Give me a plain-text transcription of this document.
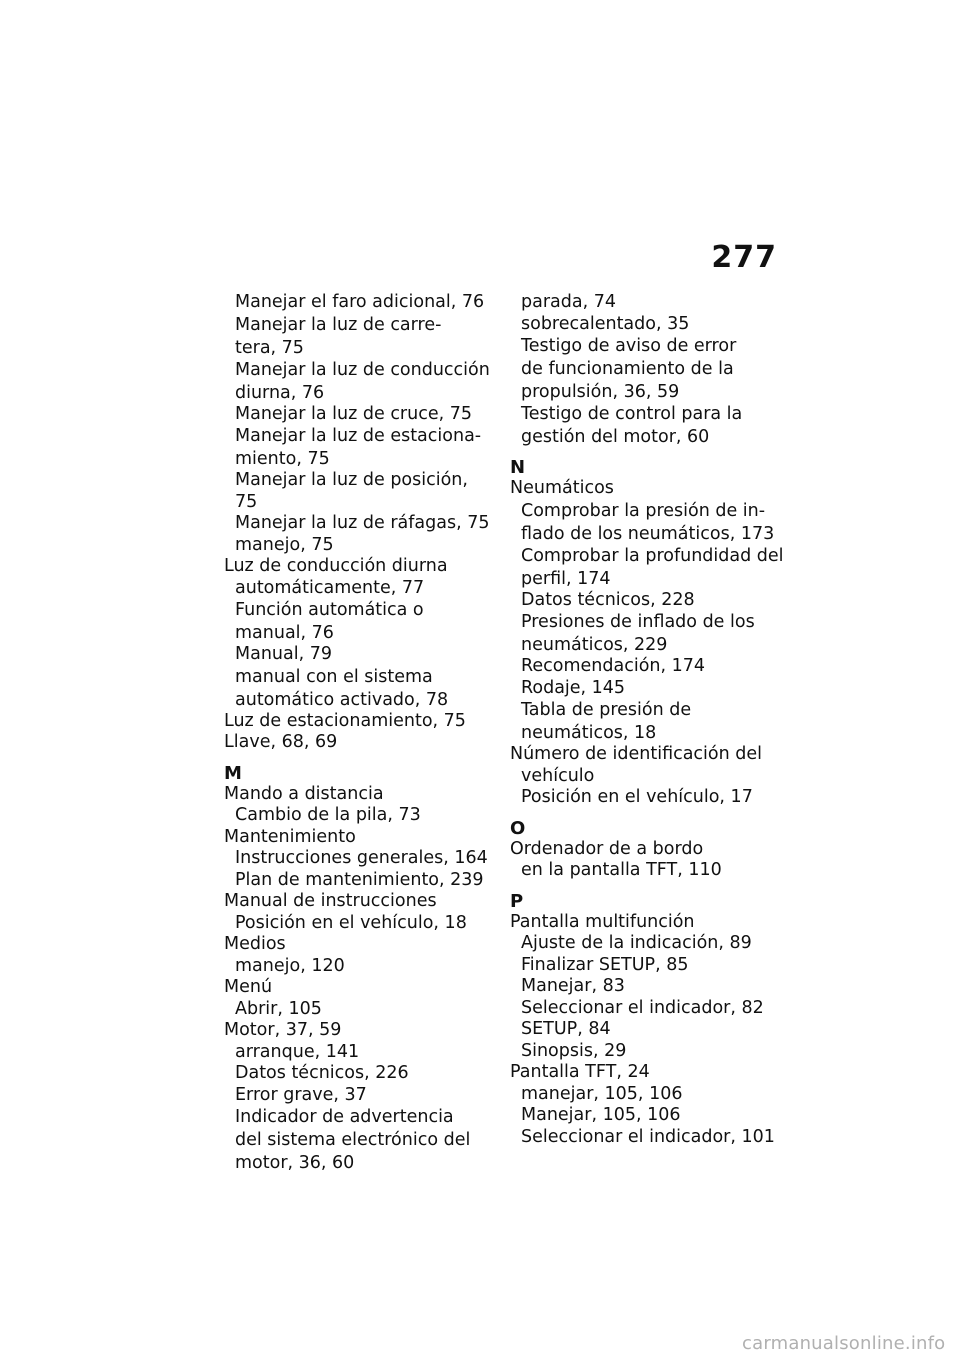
277
Manejar el faro adicional, 76
Manejar la luz de carre-
tera, 75
Manejar la luz de conducción
diurna, 76
Manejar la luz de cruce, 75
Manejar la luz de estaciona-
miento, 75
Manejar la luz de posición, 75
Manejar la luz de ráfagas, 75
manejo, 75
Luz de conducción diurna
automáticamente, 77
Función automática o
manual, 76
Manual, 79
manual con el sistema
automático activado, 78
Luz de estacionamiento, 75
Llave, 68, 69
M
Mando a distancia
Cambio de la pila, 73
Mantenimiento
Instrucciones generales, 164
Plan de mantenimiento, 239
Manual de instrucciones
Posición en el vehículo, 18
Medios
manejo, 120
Menú
Abrir, 105
Motor, 37, 59
arranque, 141
Datos técnicos, 226
Error grave, 37
Indicador de advertencia
del sistema electrónico del
motor, 36, 60
parada, 74
sobrecalentado, 35
Testigo de aviso de error
de funcionamiento de la
propulsión, 36, 59
Testigo de control para la
gestión del motor, 60
N
Neumáticos
Comprobar la presión de in-
flado de los neumáticos, 173
Comprobar la profundidad del
perfil, 174
Datos técnicos, 228
Presiones de inflado de los
neumáticos, 229
Recomendación, 174
Rodaje, 145
Tabla de presión de
neumáticos, 18
Número de identificación del
vehículo
Posición en el vehículo, 17
O
Ordenador de a bordo
en la pantalla TFT, 110
P
Pantalla multifunción
Ajuste de la indicación, 89
Finalizar SETUP, 85
Manejar, 83
Seleccionar el indicador, 82
SETUP, 84
Sinopsis, 29
Pantalla TFT, 24
manejar, 105, 106
Manejar, 105, 106
Seleccionar el indicador, 101
carmanualsonline.info
